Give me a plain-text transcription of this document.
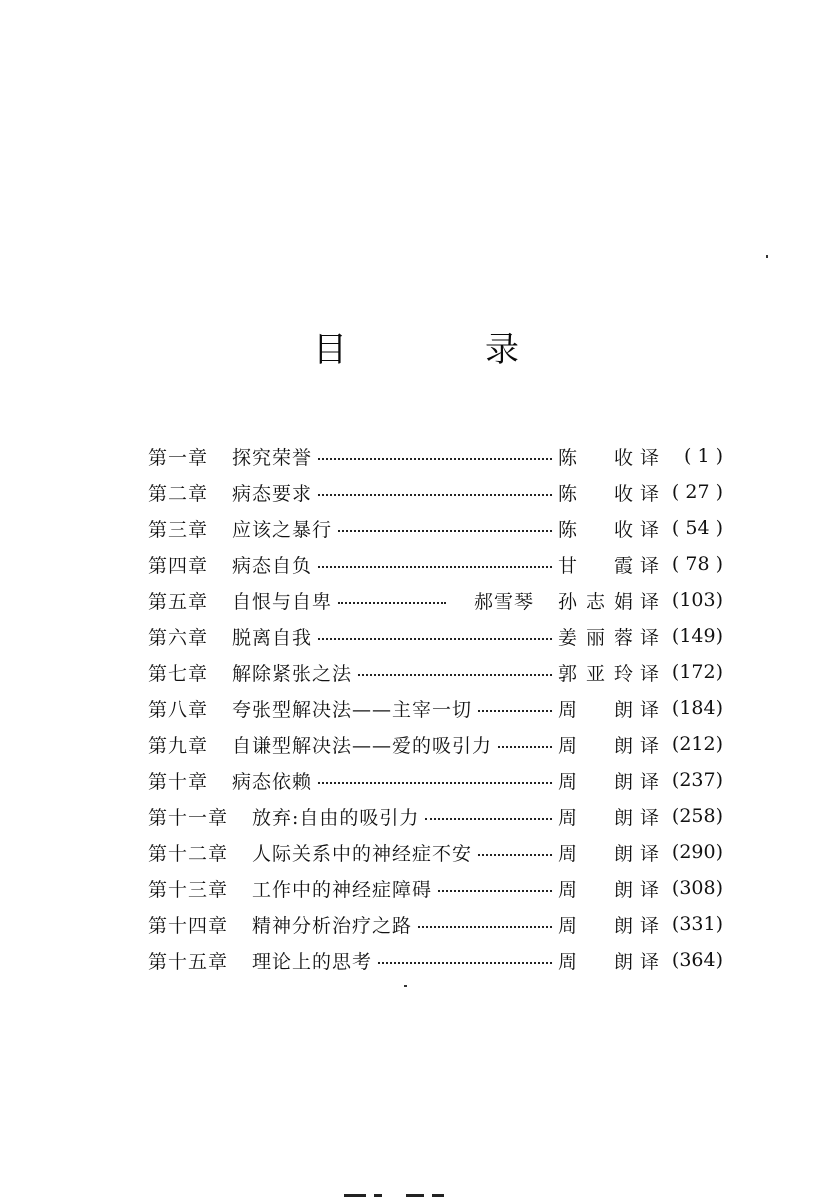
目　录
第一章 探究荣誉	陈收 译	( 1 )
第二章 病态要求	陈收 译 ( 27 )
第三章 应该之暴行	陈收 译 ( 54 )
第四章 病态自负	甘霞 译 ( 78 )
第五章 自恨与自卑	郝雪琴 孙志娟 译 (103)
第六章 脱离自我	姜丽蓉 译 (149)
第七章 解除紧张之法	郭亚玲 译 (172)
第八章 夸张型解决法——主宰一切	周朗 译 (184)
第九章 自谦型解决法——爱的吸引力	周朗 译 (212)
第十章 病态依赖	周朗 译 (237)
第十一章 放弃:自由的吸引力	周朗 译 (258)
第十二章 人际关系中的神经症不安	周朗 译 (290)
第十三章 工作中的神经症障碍	周朗 译 (308)
第十四章 精神分析治疗之路	周朗 译 (331)
第十五章 理论上的思考	周朗 译 (364)
